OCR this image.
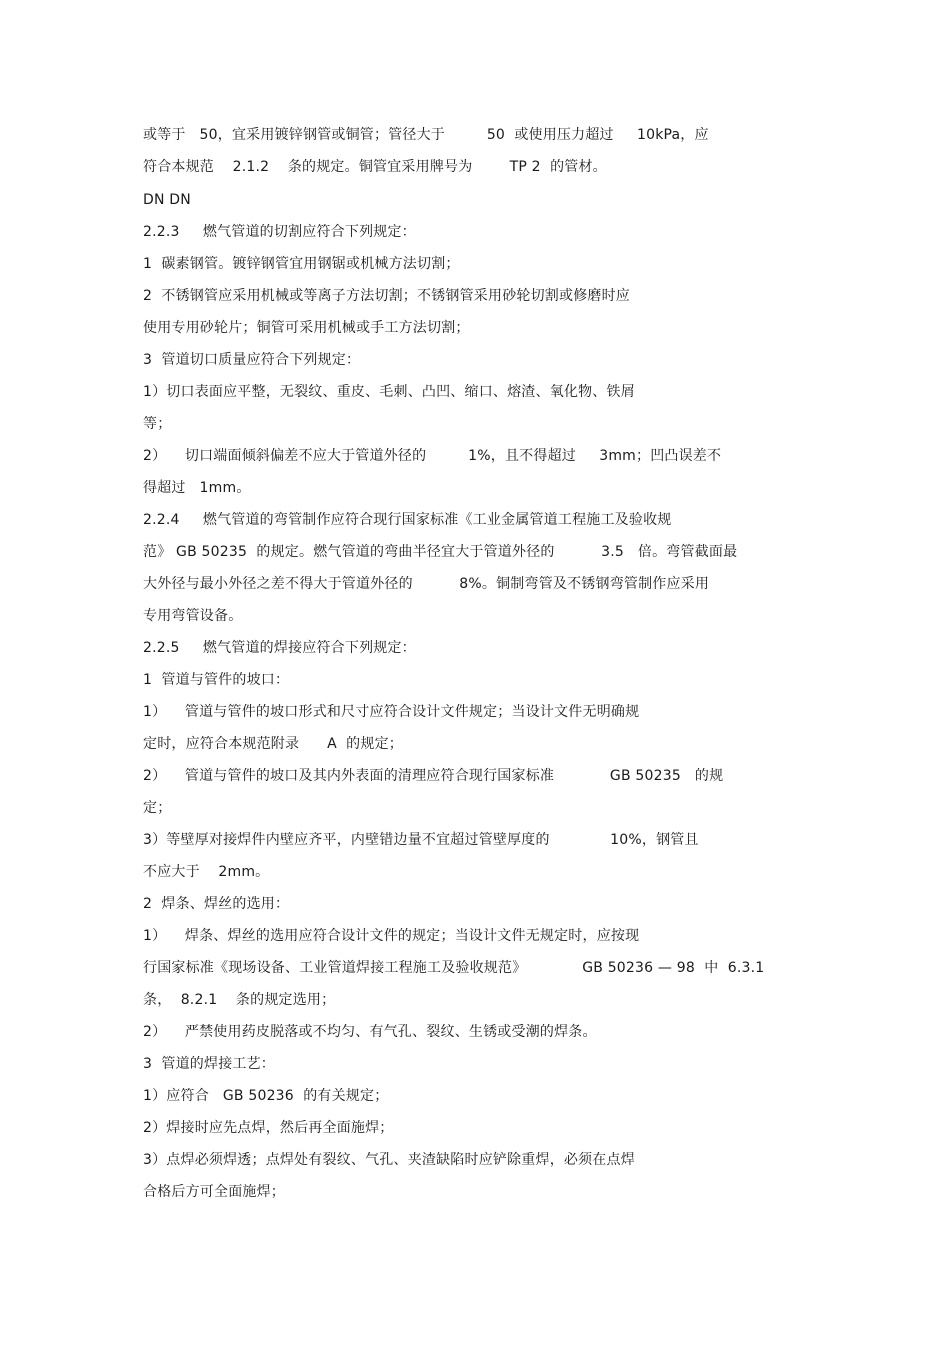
或等于   50，宜采用镀锌钢管或铜管；管径大于         50  或使用压力超过     10kPa，应
符合本规范    2.1.2    条的规定。铜管宜采用牌号为        TP 2  的管材。
DN DN
2.2.3     燃气管道的切割应符合下列规定：
1  碳素钢管。镀锌钢管宜用钢锯或机械方法切割；
2  不锈钢管应采用机械或等离子方法切割；不锈钢管采用砂轮切割或修磨时应
使用专用砂轮片；铜管可采用机械或手工方法切割；
3  管道切口质量应符合下列规定：
1）切口表面应平整，无裂纹、重皮、毛刺、凸凹、缩口、熔渣、氧化物、铁屑
等；
2）    切口端面倾斜偏差不应大于管道外径的         1%，且不得超过     3mm；凹凸误差不
得超过   1mm。
2.2.4     燃气管道的弯管制作应符合现行国家标准《工业金属管道工程施工及验收规
范》 GB 50235  的规定。燃气管道的弯曲半径宜大于管道外径的          3.5   倍。弯管截面最
大外径与最小外径之差不得大于管道外径的          8%。铜制弯管及不锈钢弯管制作应采用
专用弯管设备。
2.2.5     燃气管道的焊接应符合下列规定：
1  管道与管件的坡口：
1）    管道与管件的坡口形式和尺寸应符合设计文件规定；当设计文件无明确规
定时，应符合本规范附录      A  的规定；
2）    管道与管件的坡口及其内外表面的清理应符合现行国家标准            GB 50235   的规
定；
3）等壁厚对接焊件内壁应齐平，内壁错边量不宜超过管壁厚度的             10%，钢管且
不应大于    2mm。
2  焊条、焊丝的选用：
1）    焊条、焊丝的选用应符合设计文件的规定；当设计文件无规定时，应按现
行国家标准《现场设备、工业管道焊接工程施工及验收规范》            GB 50236 — 98  中  6.3.1
条，  8.2.1    条的规定选用；
2）    严禁使用药皮脱落或不均匀、有气孔、裂纹、生锈或受潮的焊条。
3  管道的焊接工艺：
1）应符合   GB 50236  的有关规定；
2）焊接时应先点焊，然后再全面施焊；
3）点焊必须焊透；点焊处有裂纹、气孔、夹渣缺陷时应铲除重焊，必须在点焊
合格后方可全面施焊；
